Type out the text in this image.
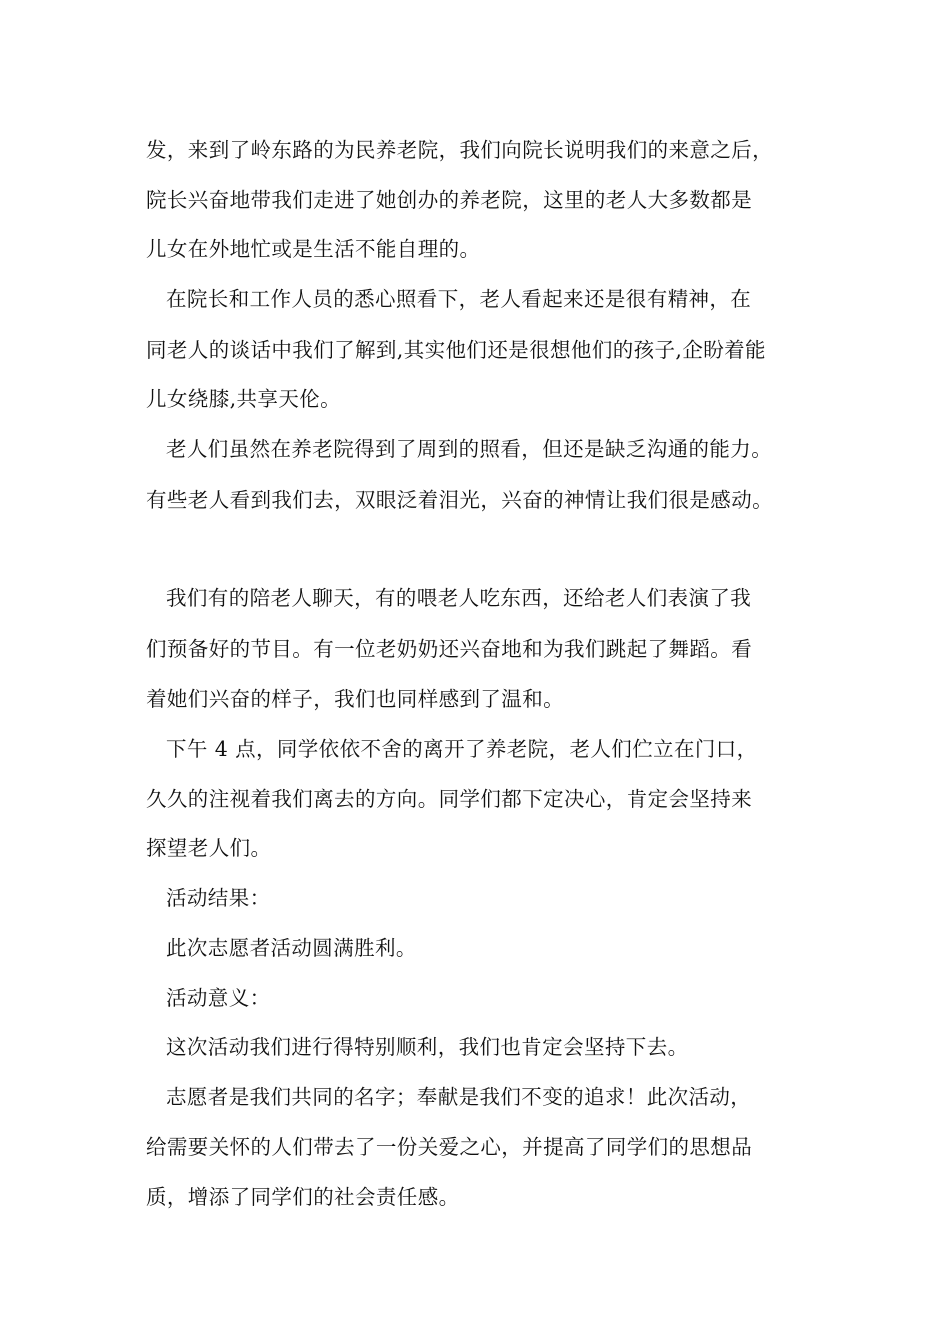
发，来到了岭东路的为民养老院，我们向院长说明我们的来意之后，
院长兴奋地带我们走进了她创办的养老院，这里的老人大多数都是
儿女在外地忙或是生活不能自理的。
在院长和工作人员的悉心照看下，老人看起来还是很有精神，在
同老人的谈话中我们了解到,其实他们还是很想他们的孩子,企盼着能
儿女绕膝,共享天伦。
老人们虽然在养老院得到了周到的照看，但还是缺乏沟通的能力。
有些老人看到我们去，双眼泛着泪光，兴奋的神情让我们很是感动。
我们有的陪老人聊天，有的喂老人吃东西，还给老人们表演了我
们预备好的节目。有一位老奶奶还兴奋地和为我们跳起了舞蹈。看
着她们兴奋的样子，我们也同样感到了温和。
下午 4 点，同学依依不舍的离开了养老院，老人们伫立在门口，
久久的注视着我们离去的方向。同学们都下定决心，肯定会坚持来
探望老人们。
活动结果：
此次志愿者活动圆满胜利。
活动意义：
这次活动我们进行得特别顺利，我们也肯定会坚持下去。
志愿者是我们共同的名字；奉献是我们不变的追求！此次活动，
给需要关怀的人们带去了一份关爱之心，并提高了同学们的思想品
质，增添了同学们的社会责任感。
